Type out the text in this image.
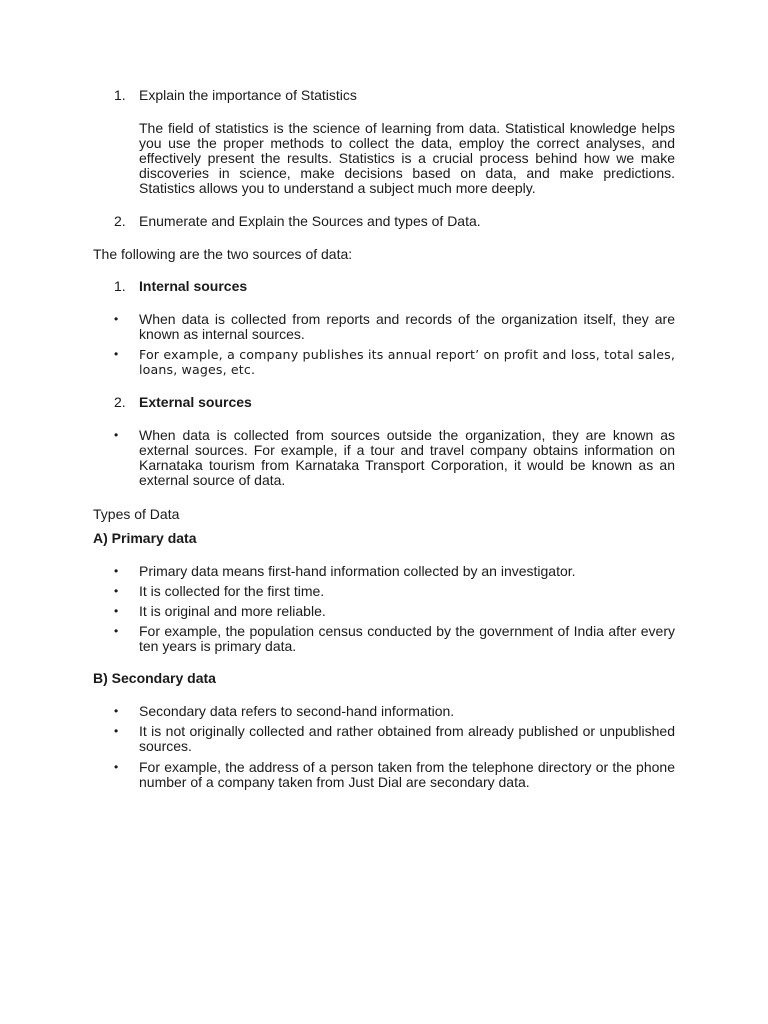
1. Explain the importance of Statistics
The field of statistics is the science of learning from data. Statistical knowledge helps you use the proper methods to collect the data, employ the correct analyses, and effectively present the results. Statistics is a crucial process behind how we make discoveries in science, make decisions based on data, and make predictions. Statistics allows you to understand a subject much more deeply.
2. Enumerate and Explain the Sources and types of Data.
The following are the two sources of data:
1. Internal sources
• When data is collected from reports and records of the organization itself, they are known as internal sources.
• For example, a company publishes its annual report’ on profit and loss, total sales, loans, wages, etc.
2. External sources
• When data is collected from sources outside the organization, they are known as external sources. For example, if a tour and travel company obtains information on Karnataka tourism from Karnataka Transport Corporation, it would be known as an external source of data.
Types of Data
A) Primary data
• Primary data means first-hand information collected by an investigator.
• It is collected for the first time.
• It is original and more reliable.
• For example, the population census conducted by the government of India after every ten years is primary data.
B) Secondary data
• Secondary data refers to second-hand information.
• It is not originally collected and rather obtained from already published or unpublished sources.
• For example, the address of a person taken from the telephone directory or the phone number of a company taken from Just Dial are secondary data.
